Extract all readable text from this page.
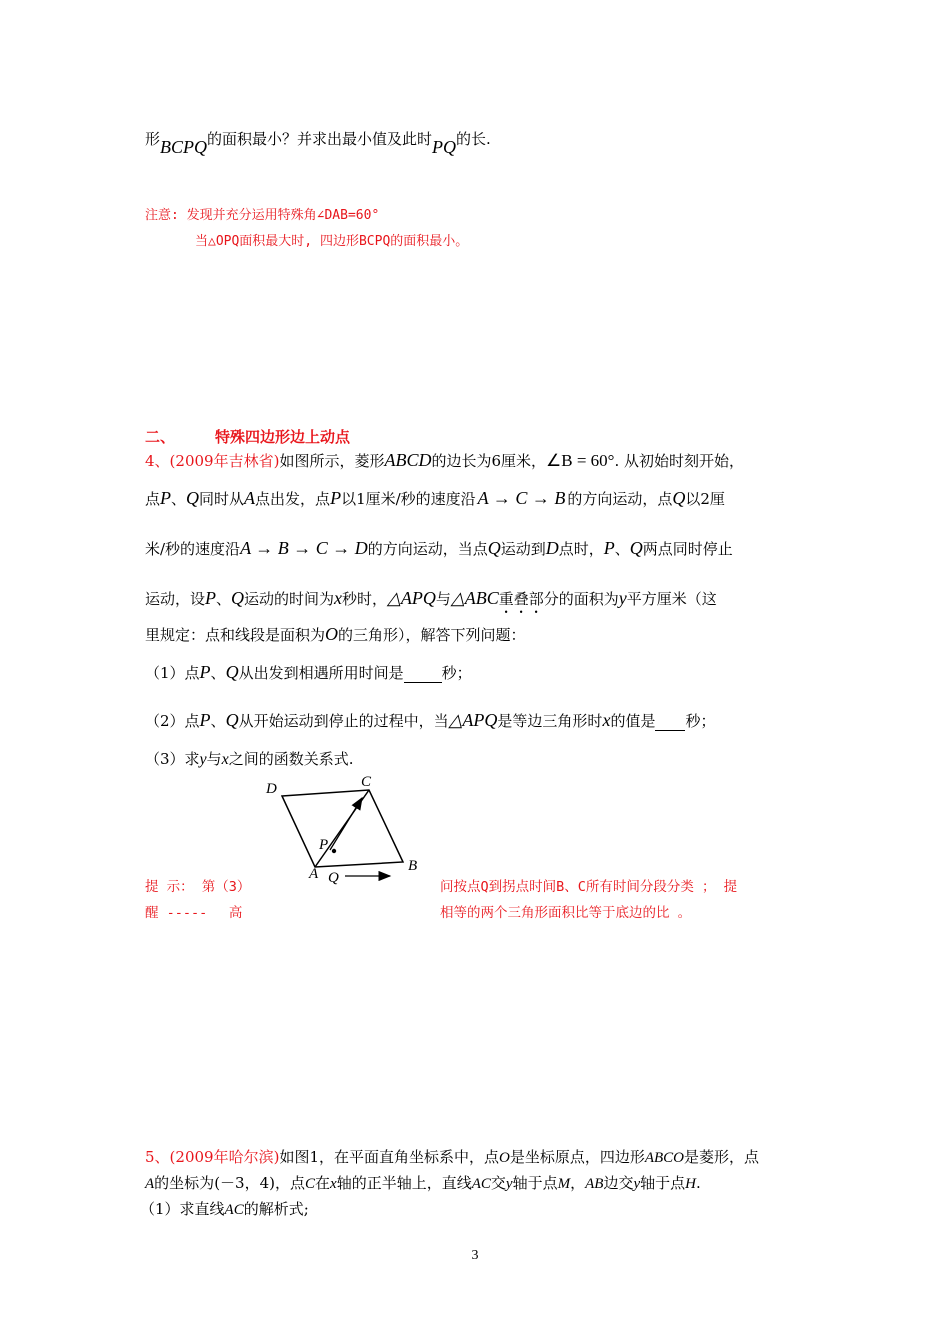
形BCPQ的面积最小？并求出最小值及此时PQ的长.
注意: 发现并充分运用特殊角∠DAB=60°
当△OPQ面积最大时, 四边形BCPQ的面积最小。
二、	特殊四边形边上动点
4、(2009年吉林省)如图所示，菱形ABCD的边长为6厘米，∠B = 60°. 从初始时刻开始，
点P、Q同时从A点出发，点P以1厘米/秒的速度沿 A → C → B 的方向运动，点Q以2厘
米/秒的速度沿A → B → C → D的方向运动，当点Q运动到D点时，P、Q两点同时停止
运动，设P、Q运动的时间为x秒时，△APQ与△ABC重叠部分的面积为y平方厘米（这
里规定：点和线段是面积为O的三角形），解答下列问题：
（1）点P、Q从出发到相遇所用时间是	秒；
（2）点P、Q从开始运动到停止的过程中，当△APQ是等边三角形时x的值是 秒；
（3）求y与x之间的函数关系式.
D	C
P
A Q
B
提 示： 第（3）
醒 -----　 高
问按点Q到拐点时间B、C所有时间分段分类 ； 提
相等的两个三角形面积比等于底边的比 。
5、(2009年哈尔滨)如图1，在平面直角坐标系中，点O是坐标原点，四边形ABCO是菱形，点
A的坐标为(－3，4)，点C在x轴的正半轴上，直线AC交y轴于点M，AB边交y轴于点H.
（1）求直线AC的解析式;
3
